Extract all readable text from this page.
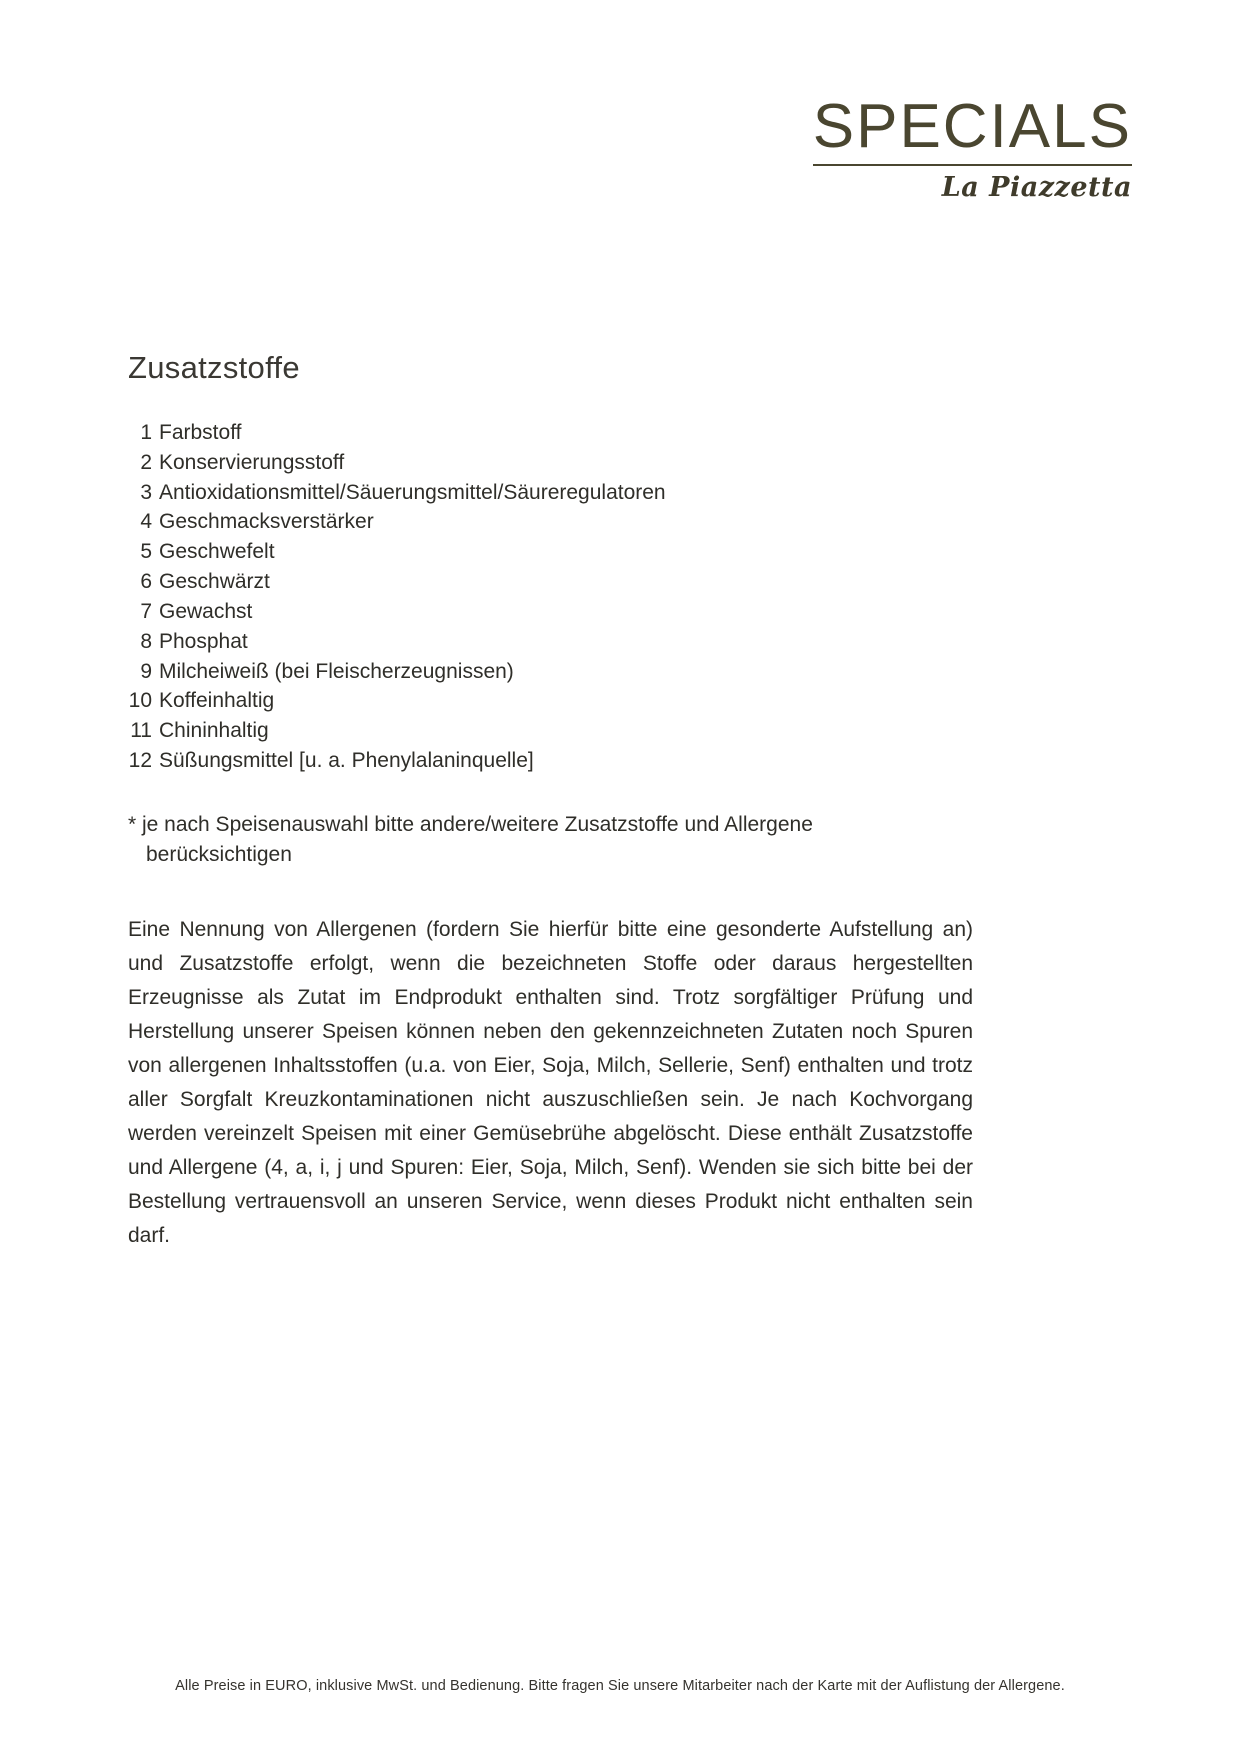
SPECIALS
La Piazzetta
Zusatzstoffe
1 Farbstoff
2 Konservierungsstoff
3 Antioxidationsmittel/Säuerungsmittel/Säureregulatoren
4 Geschmacksverstärker
5 Geschwefelt
6 Geschwärzt
7 Gewachst
8 Phosphat
9 Milcheiweiß (bei Fleischerzeugnissen)
10 Koffeinhaltig
11 Chininhaltig
12 Süßungsmittel [u. a. Phenylalaninquelle]

* je nach Speisenauswahl bitte andere/weitere Zusatzstoffe und Allergene
berücksichtigen

Eine Nennung von Allergenen (fordern Sie hierfür bitte eine gesonderte Aufstellung an) und Zusatzstoffe erfolgt, wenn die bezeichneten Stoffe oder daraus hergestellten Erzeugnisse als Zutat im Endprodukt enthalten sind. Trotz sorgfältiger Prüfung und Herstellung unserer Speisen können neben den gekennzeichneten Zutaten noch Spuren von allergenen Inhaltsstoffen (u.a. von Eier, Soja, Milch, Sellerie, Senf) enthalten und trotz aller Sorgfalt Kreuzkontaminationen nicht auszuschließen sein. Je nach Kochvorgang werden vereinzelt Speisen mit einer Gemüsebrühe abgelöscht. Diese enthält Zusatzstoffe und Allergene (4, a, i, j und Spuren: Eier, Soja, Milch, Senf). Wenden sie sich bitte bei der Bestellung vertrauensvoll an unseren Service, wenn dieses Produkt nicht enthalten sein darf.

Alle Preise in EURO, inklusive MwSt. und Bedienung. Bitte fragen Sie unsere Mitarbeiter nach der Karte mit der Auflistung der Allergene.
